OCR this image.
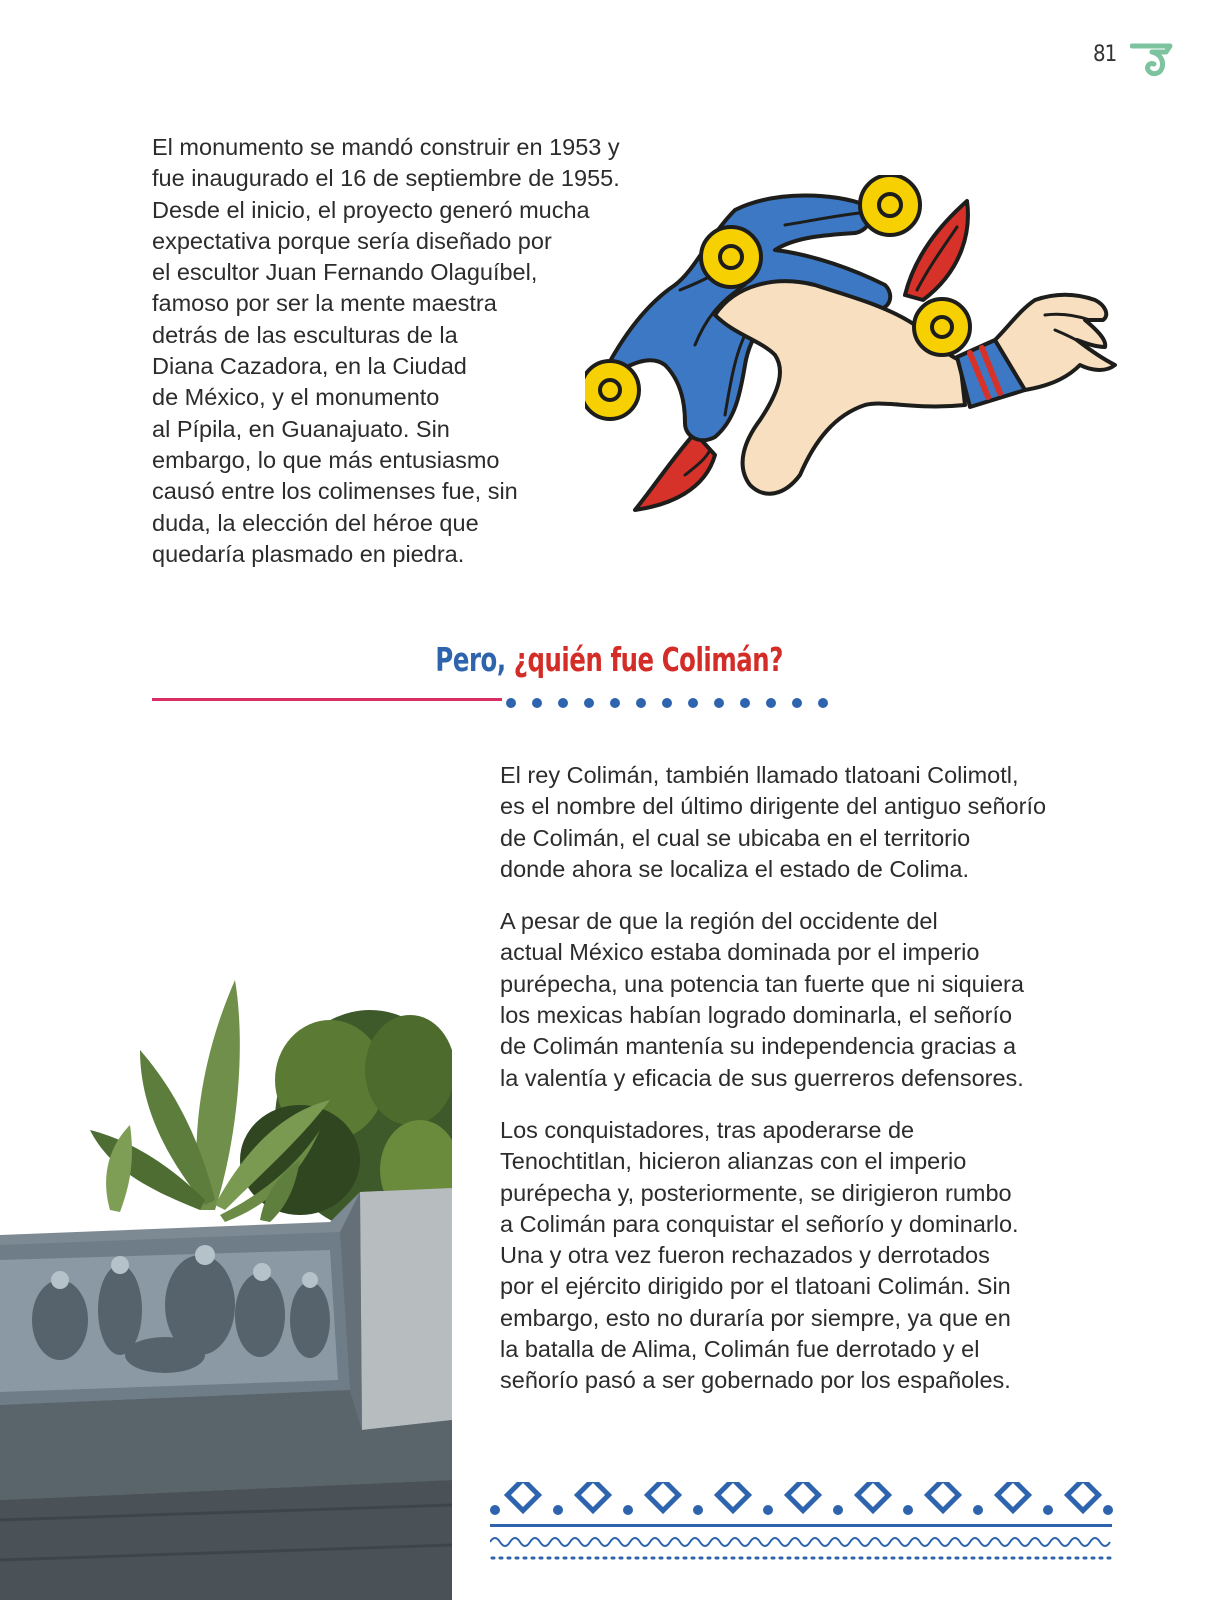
81

El monumento se mandó construir en 1953 y
fue inaugurado el 16 de septiembre de 1955.
Desde el inicio, el proyecto generó mucha
expectativa porque sería diseñado por
el escultor Juan Fernando Olaguíbel,
famoso por ser la mente maestra
detrás de las esculturas de la
Diana Cazadora, en la Ciudad
de México, y el monumento
al Pípila, en Guanajuato. Sin
embargo, lo que más entusiasmo
causó entre los colimenses fue, sin
duda, la elección del héroe que
quedaría plasmado en piedra.

Pero, ¿quién fue Colimán?

El rey Colimán, también llamado tlatoani Colimotl,
es el nombre del último dirigente del antiguo señorío
de Colimán, el cual se ubicaba en el territorio
donde ahora se localiza el estado de Colima.

A pesar de que la región del occidente del
actual México estaba dominada por el imperio
purépecha, una potencia tan fuerte que ni siquiera
los mexicas habían logrado dominarla, el señorío
de Colimán mantenía su independencia gracias a
la valentía y eficacia de sus guerreros defensores.

Los conquistadores, tras apoderarse de
Tenochtitlan, hicieron alianzas con el imperio
purépecha y, posteriormente, se dirigieron rumbo
a Colimán para conquistar el señorío y dominarlo.
Una y otra vez fueron rechazados y derrotados
por el ejército dirigido por el tlatoani Colimán. Sin
embargo, esto no duraría por siempre, ya que en
la batalla de Alima, Colimán fue derrotado y el
señorío pasó a ser gobernado por los españoles.
